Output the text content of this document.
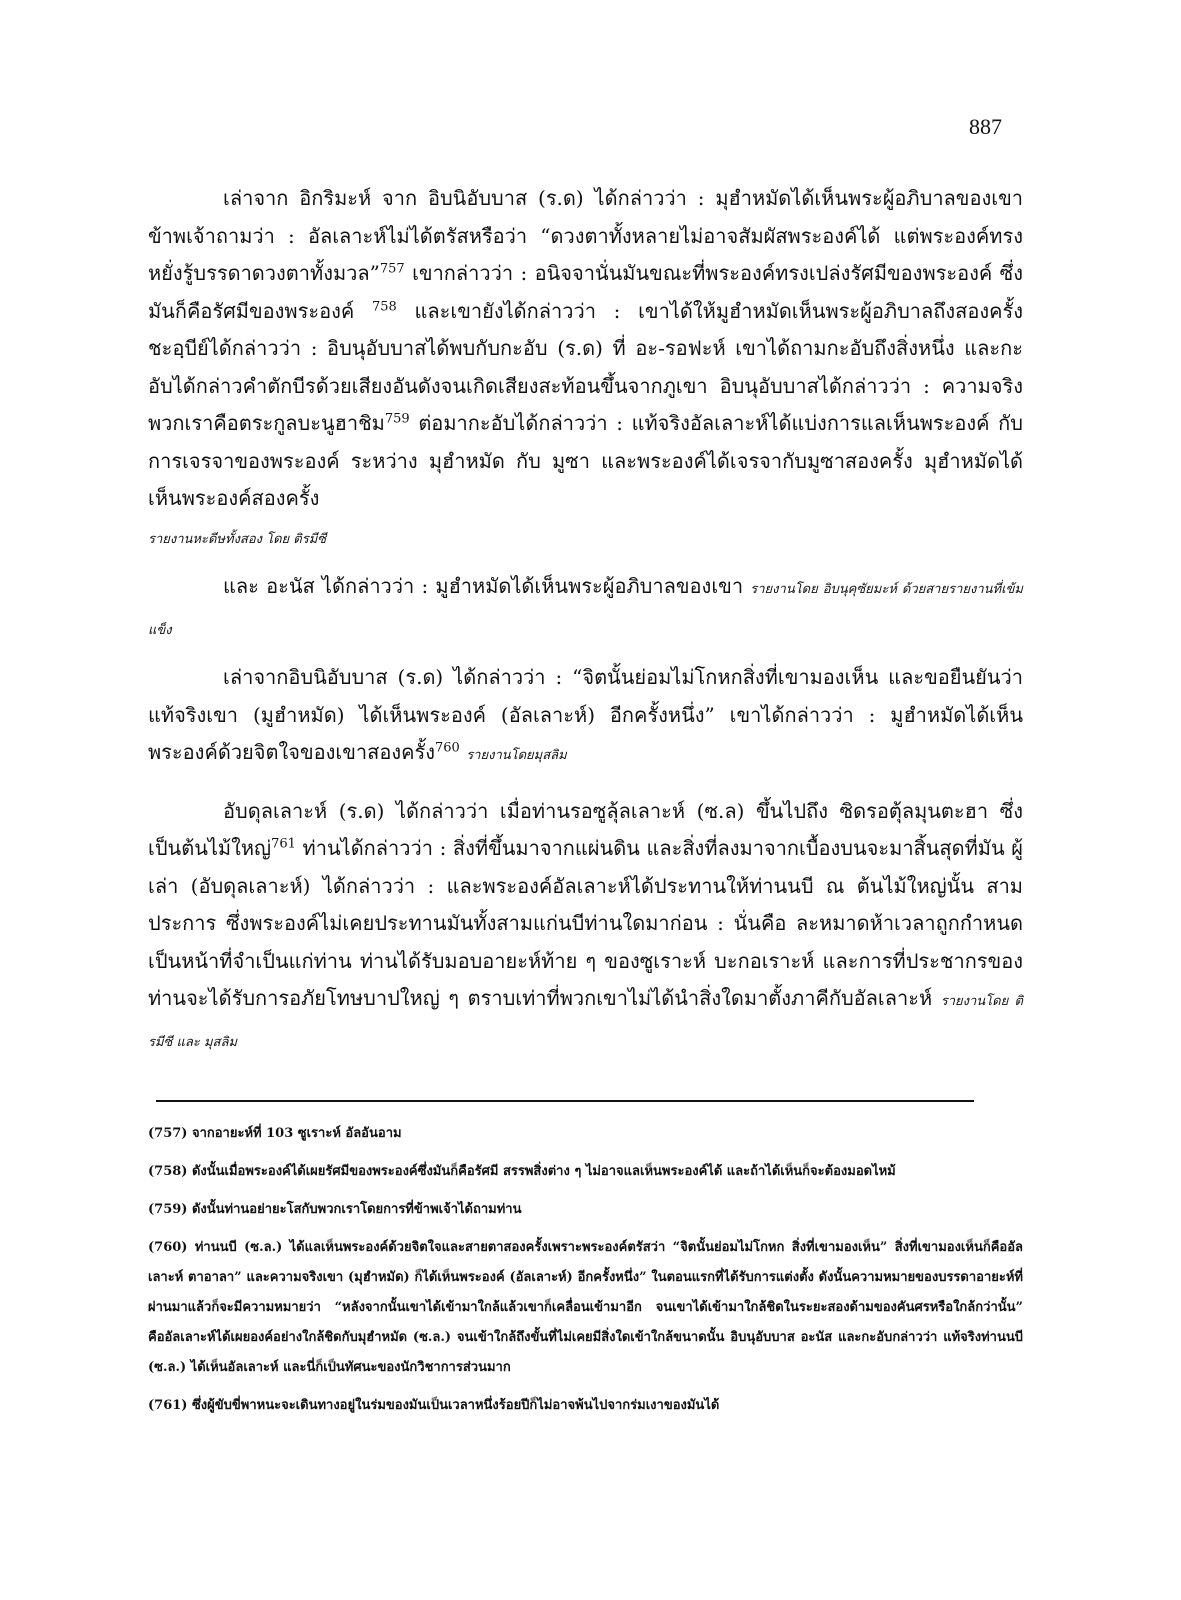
887

เล่าจาก อิกริมะห์ จาก อิบนิอับบาส (ร.ด) ได้กล่าวว่า : มุฮำหมัดได้เห็นพระผู้อภิบาลของเขา ข้าพเจ้าถามว่า : อัลเลาะห์ไม่ได้ตรัสหรือว่า “ดวงตาทั้งหลายไม่อาจสัมผัสพระองค์ได้ แต่พระองค์ทรงหยั่งรู้บรรดาดวงตาทั้งมวล”$^{757}$ เขากล่าวว่า : อนิจจานั่นมันขณะที่พระองค์ทรงเปล่งรัศมีของพระองค์ ซึ่งมันก็คือรัศมีของพระองค์ $^{758}$ และเขายังได้กล่าวว่า : เขาได้ให้มูฮำหมัดเห็นพระผู้อภิบาลถึงสองครั้ง ชะอฺบีย์ได้กล่าวว่า : อิบนุอับบาสได้พบกับกะอับ (ร.ด) ที่ อะ-รอฟะห์ เขาได้ถามกะอับถึงสิ่งหนึ่ง และกะอับได้กล่าวคำตักบีรด้วยเสียงอันดังจนเกิดเสียงสะท้อนขึ้นจากภูเขา อิบนุอับบาสได้กล่าวว่า : ความจริงพวกเราคือตระกูลบะนูฮาชิม$^{759}$ ต่อมากะอับได้กล่าวว่า : แท้จริงอัลเลาะห์ได้แบ่งการแลเห็นพระองค์ กับการเจรจาของพระองค์ ระหว่าง มุฮำหมัด กับ มูซา และพระองค์ได้เจรจากับมูซาสองครั้ง มุฮำหมัดได้เห็นพระองค์สองครั้ง
รายงานหะดีษทั้งสอง โดย ติรมีซี

และ อะนัส ได้กล่าวว่า : มูฮำหมัดได้เห็นพระผู้อภิบาลของเขา รายงานโดย อิบนุคุซัยมะห์ ด้วยสายรายงานที่เข้มแข็ง

เล่าจากอิบนิอับบาส (ร.ด) ได้กล่าวว่า : “จิตนั้นย่อมไม่โกหกสิ่งที่เขามองเห็น และขอยืนยันว่า แท้จริงเขา (มูฮำหมัด) ได้เห็นพระองค์ (อัลเลาะห์) อีกครั้งหนึ่ง” เขาได้กล่าวว่า : มูฮำหมัดได้เห็นพระองค์ด้วยจิตใจของเขาสองครั้ง$^{760}$ รายงานโดยมุสลิม

อับดุลเลาะห์ (ร.ด) ได้กล่าวว่า เมื่อท่านรอซูลุ้ลเลาะห์ (ซ.ล) ขึ้นไปถึง ซิดรอตุ้ลมุนตะฮา ซึ่งเป็นต้นไม้ใหญ่$^{761}$ ท่านได้กล่าวว่า : สิ่งที่ขึ้นมาจากแผ่นดิน และสิ่งที่ลงมาจากเบื้องบนจะมาสิ้นสุดที่มัน ผู้เล่า (อับดุลเลาะห์) ได้กล่าวว่า : และพระองค์อัลเลาะห์ได้ประทานให้ท่านนบี ณ ต้นไม้ใหญ่นั้น สามประการ ซึ่งพระองค์ไม่เคยประทานมันทั้งสามแก่นบีท่านใดมาก่อน : นั่นคือ ละหมาดห้าเวลาถูกกำหนดเป็นหน้าที่จำเป็นแก่ท่าน ท่านได้รับมอบอายะห์ท้าย ๆ ของซูเราะห์ บะกอเราะห์ และการที่ประชากรของท่านจะได้รับการอภัยโทษบาปใหญ่ ๆ ตราบเท่าที่พวกเขาไม่ได้นำสิ่งใดมาตั้งภาคีกับอัลเลาะห์ รายงานโดย ติรมีซี และ มุสลิม

(757) จากอายะห์ที่ 103 ซูเราะห์ อัลอันอาม

(758) ดังนั้นเมื่อพระองค์ได้เผยรัศมีของพระองค์ซึ่งมันก็คือรัศมี สรรพสิ่งต่าง ๆ ไม่อาจแลเห็นพระองค์ได้ และถ้าได้เห็นก็จะต้องมอดไหม้

(759) ดังนั้นท่านอย่ายะโสกับพวกเราโดยการที่ข้าพเจ้าได้ถามท่าน

(760) ท่านนบี (ซ.ล.) ได้แลเห็นพระองค์ด้วยจิตใจและสายตาสองครั้งเพราะพระองค์ตรัสว่า “จิตนั้นย่อมไม่โกหก สิ่งที่เขามองเห็น” สิ่งที่เขามองเห็นก็คืออัลเลาะห์ ตาอาลา” และความจริงเขา (มุฮำหมัด) ก็ได้เห็นพระองค์ (อัลเลาะห์) อีกครั้งหนึ่ง” ในตอนแรกที่ได้รับการแต่งตั้ง ดังนั้นความหมายของบรรดาอายะห์ที่ผ่านมาแล้วก็จะมีความหมายว่า “หลังจากนั้นเขาได้เข้ามาใกล้แล้วเขาก็เคลื่อนเข้ามาอีก จนเขาได้เข้ามาใกล้ชิดในระยะสองด้ามของคันศรหรือใกล้กว่านั้น” คืออัลเลาะห์ได้เผยองค์อย่างใกล้ชิดกับมุฮำหมัด (ซ.ล.) จนเข้าใกล้ถึงขั้นที่ไม่เคยมีสิ่งใดเข้าใกล้ขนาดนั้น อิบนุอับบาส อะนัส และกะอับกล่าวว่า แท้จริงท่านนบี (ซ.ล.) ได้เห็นอัลเลาะห์ และนี่ก็เป็นทัศนะของนักวิชาการส่วนมาก

(761) ซึ่งผู้ขับขี่พาหนะจะเดินทางอยู่ในร่มของมันเป็นเวลาหนึ่งร้อยปีก็ไม่อาจพ้นไปจากร่มเงาของมันได้
